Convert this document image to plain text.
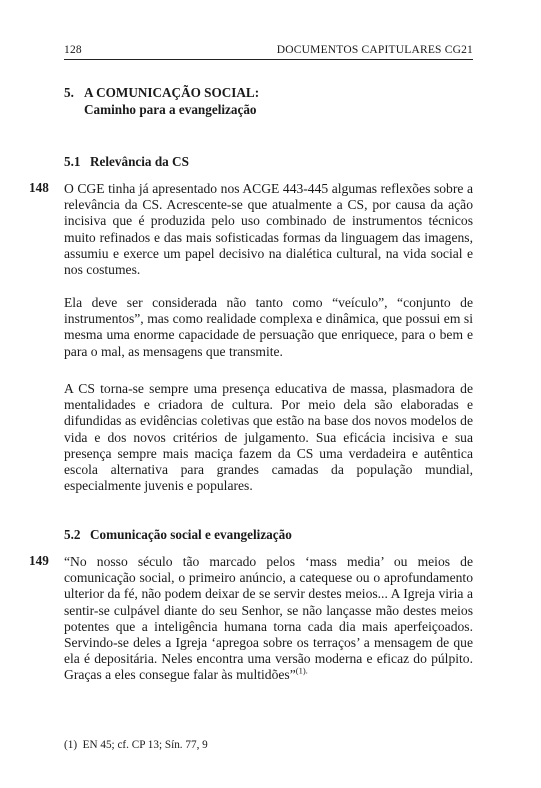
128	DOCUMENTOS CAPITULARES CG21
5. A COMUNICAÇÃO SOCIAL:
Caminho para a evangelização
5.1 Relevância da CS
148 O CGE tinha já apresentado nos ACGE 443-445 algumas reflexões sobre a relevância da CS. Acrescente-se que atualmente a CS, por causa da ação incisiva que é produzida pelo uso combinado de instrumentos técnicos muito refinados e das mais sofisticadas formas da linguagem das imagens, assumiu e exerce um papel decisivo na dialética cultural, na vida social e nos costumes.
Ela deve ser considerada não tanto como “veículo”, “conjunto de instrumentos”, mas como realidade complexa e dinâmica, que possui em si mesma uma enorme capacidade de persuação que enriquece, para o bem e para o mal, as mensagens que transmite.
A CS torna-se sempre uma presença educativa de massa, plasmadora de mentalidades e criadora de cultura. Por meio dela são elaboradas e difundidas as evidências coletivas que estão na base dos novos modelos de vida e dos novos critérios de julgamento. Sua eficácia incisiva e sua presença sempre mais maciça fazem da CS uma verdadeira e autêntica escola alternativa para grandes camadas da população mundial, especialmente juvenis e populares.
5.2 Comunicação social e evangelização
149 “No nosso século tão marcado pelos ‘mass media’ ou meios de comunicação social, o primeiro anúncio, a catequese ou o aprofundamento ulterior da fé, não podem deixar de se servir destes meios... A Igreja viria a sentir-se culpável diante do seu Senhor, se não lançasse mão destes meios potentes que a inteligência humana torna cada dia mais aperfeiçoados. Servindo-se deles a Igreja ‘apregoa sobre os terraços’ a mensagem de que ela é depositária. Neles encontra uma versão moderna e eficaz do púlpito. Graças a eles consegue falar às multidões”$^{(1).}$
(1)  EN 45; cf. CP 13; Sín. 77, 9
